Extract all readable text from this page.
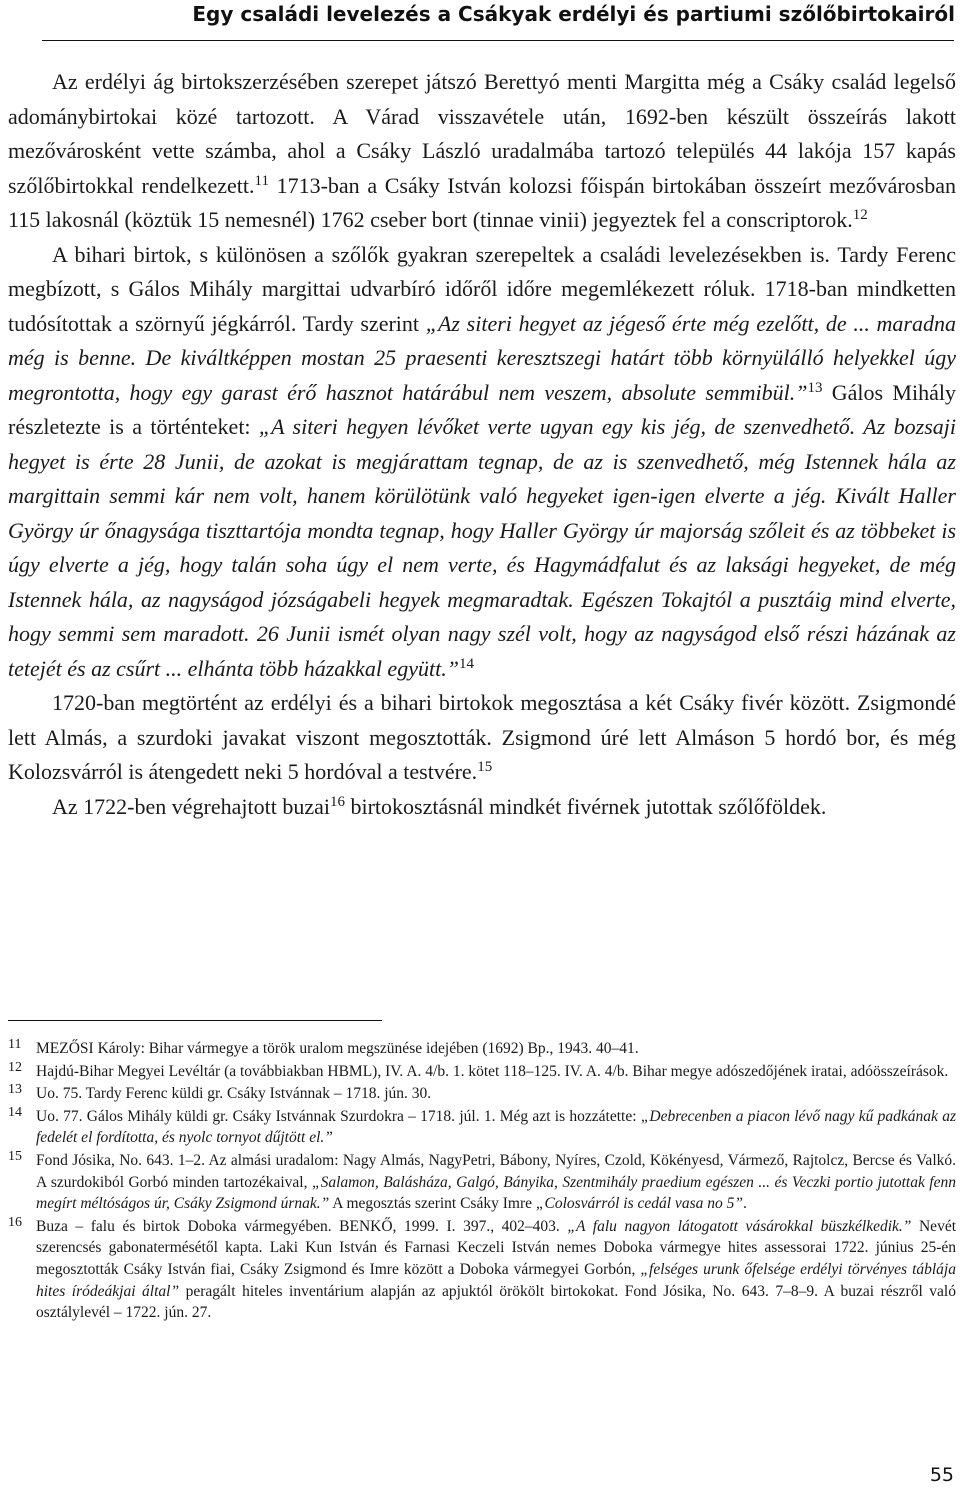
Egy családi levelezés a Csákyak erdélyi és partiumi szőlőbirtokairól

Az erdélyi ág birtokszerzésében szerepet játszó Berettyó menti Margitta még a Csáky család legelső adománybirtokai közé tartozott. A Várad visszavétele után, 1692-ben készült összeírás lakott mezővárosként vette számba, ahol a Csáky László uradalmába tartozó település 44 lakója 157 kapás szőlőbirtokkal rendelkezett.$^{11}$ 1713-ban a Csáky István kolozsi főispán birtokában összeírt mezővárosban 115 lakosnál (köztük 15 nemesnél) 1762 cseber bort (tinnae vinii) jegyeztek fel a conscriptorok.$^{12}$

A bihari birtok, s különösen a szőlők gyakran szerepeltek a családi levelezésekben is. Tardy Ferenc megbízott, s Gálos Mihály margittai udvarbíró időről időre megemlékezett róluk. 1718-ban mindketten tudósítottak a szörnyű jégkárról. Tardy szerint „Az siteri hegyet az jégeső érte még ezelőtt, de ... maradna még is benne. De kiváltképpen mostan 25 praesenti keresztszegi határt több környülálló helyekkel úgy megrontotta, hogy egy garast érő hasznot határábul nem veszem, absolute semmibül.”$^{13}$ Gálos Mihály részletezte is a történteket: „A siteri hegyen lévőket verte ugyan egy kis jég, de szenvedhető. Az bozsaji hegyet is érte 28 Junii, de azokat is megjárattam tegnap, de az is szenvedhető, még Istennek hála az margittain semmi kár nem volt, hanem körülötünk való hegyeket igen-igen elverte a jég. Kivált Haller György úr őnagysága tiszttartója mondta tegnap, hogy Haller György úr majorság szőleit és az többeket is úgy elverte a jég, hogy talán soha úgy el nem verte, és Hagymádfalut és az laksági hegyeket, de még Istennek hála, az nagyságod józságabeli hegyek megmaradtak. Egészen Tokajtól a pusztáig mind elverte, hogy semmi sem maradott. 26 Junii ismét olyan nagy szél volt, hogy az nagyságod első részi házának az tetejét és az csűrt ... elhánta több házakkal együtt.”$^{14}$

1720-ban megtörtént az erdélyi és a bihari birtokok megosztása a két Csáky fivér között. Zsigmondé lett Almás, a szurdoki javakat viszont megosztották. Zsigmond úré lett Almáson 5 hordó bor, és még Kolozsvárról is átengedett neki 5 hordóval a testvére.$^{15}$

Az 1722-ben végrehajtott buzai$^{16}$ birtokosztásnál mindkét fivérnek jutottak szőlőföldek.

11 MEZŐSI Károly: Bihar vármegye a török uralom megszünése idejében (1692) Bp., 1943. 40–41.
12 Hajdú-Bihar Megyei Levéltár (a továbbiakban HBML), IV. A. 4/b. 1. kötet 118–125. IV. A. 4/b. Bihar megye adószedőjének iratai, adóösszeírások.
13 Uo. 75. Tardy Ferenc küldi gr. Csáky Istvánnak – 1718. jún. 30.
14 Uo. 77. Gálos Mihály küldi gr. Csáky Istvánnak Szurdokra – 1718. júl. 1. Még azt is hozzátette: „Debrecenben a piacon lévő nagy kű padkának az fedelét el fordította, és nyolc tornyot dűjtött el.”
15 Fond Jósika, No. 643. 1–2. Az almási uradalom: Nagy Almás, NagyPetri, Bábony, Nyíres, Czold, Kökényesd, Vármező, Rajtolcz, Bercse és Valkó. A szurdokiból Gorbó minden tartozékaival, „Salamon, Balásháza, Galgó, Bányika, Szentmihály praedium egészen ... és Veczki portio jutottak fenn megírt méltóságos úr, Csáky Zsigmond úrnak.” A megosztás szerint Csáky Imre „Colosvárról is cedál vasa no 5”.
16 Buza – falu és birtok Doboka vármegyében. BENKŐ, 1999. I. 397., 402–403. „A falu nagyon látogatott vásárokkal büszkélkedik.” Nevét szerencsés gabonatermésétől kapta. Laki Kun István és Farnasi Keczeli István nemes Doboka vármegye hites assessorai 1722. június 25-én megosztották Csáky István fiai, Csáky Zsigmond és Imre között a Doboka vármegyei Gorbón, „felséges urunk őfelsége erdélyi törvényes táblája hites íródeákjai által” peragált hiteles inventárium alapján az apjuktól örökölt birtokokat. Fond Jósika, No. 643. 7–8–9. A buzai részről való osztálylevél – 1722. jún. 27.
55
